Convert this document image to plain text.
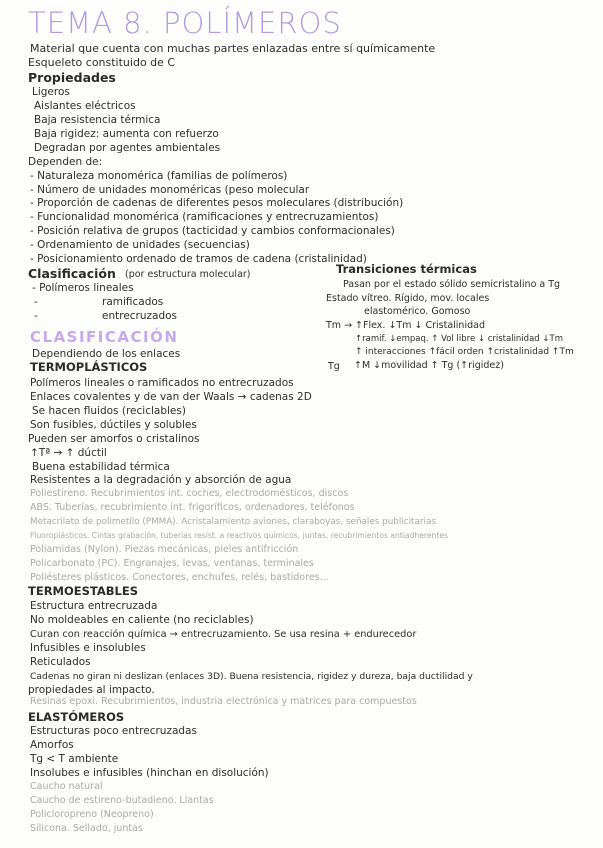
TEMA 8. POLÍMEROS
Material que cuenta con muchas partes enlazadas entre sí químicamente
Esqueleto constituido de C
Propiedades
Ligeros
Aislantes eléctricos
Baja resistencia térmica
Baja rigidez: aumenta con refuerzo
Degradan por agentes ambientales
Dependen de:
- Naturaleza monomérica (familias de polímeros)
- Número de unidades monoméricas (peso molecular
- Proporción de cadenas de diferentes pesos moleculares (distribución)
- Funcionalidad monomérica (ramificaciones y entrecruzamientos)
- Posición relativa de grupos (tacticidad y cambios conformacionales)
- Ordenamiento de unidades (secuencias)
- Posicionamiento ordenado de tramos de cadena (cristalinidad)
Clasificación (por estructura molecular)
- Polímeros lineales
-	ramificados
-	entrecruzados
Transiciones térmicas
Pasan por el estado sólido semicristalino a Tg
Estado vítreo. Rígido, mov. locales
elastomérico. Gomoso
Tm → ↑Flex. ↓Tm ↓ Cristalinidad
↑ramif. ↓empaq. ↑ Vol libre ↓ cristalinidad ↓Tm
↑ interacciones ↑fácil orden ↑cristalinidad ↑Tm
Tg ↑M ↓movilidad ↑ Tg (↑rigidez)
CLASIFICACIÓN
Dependiendo de los enlaces
TERMOPLÁSTICOS
Polímeros lineales o ramificados no entrecruzados
Enlaces covalentes y de van der Waals → cadenas 2D
Se hacen fluidos (reciclables)
Son fusibles, dúctiles y solubles
Pueden ser amorfos o cristalinos
↑Tª → ↑ dúctil
Buena estabilidad térmica
Resistentes a la degradación y absorción de agua
Poliestireno. Recubrimientos int. coches, electrodomésticos, discos
ABS. Tuberías, recubrimiento int. frigoríficos, ordenadores, teléfonos
Metacrilato de polimetilo (PMMA). Acristalamiento aviones, claraboyas, señales publicitarias
Fluoroplásticos. Cintas grabación, tuberías resist. a reactivos químicos, juntas, recubrimientos antiadherentes
Poliamidas (Nylon). Piezas mecánicas, pieles antifricción
Policarbonato (PC). Engranajes, levas, ventanas, terminales
Poliésteres plásticos. Conectores, enchufes, relés, bastidores...
TERMOESTABLES
Estructura entrecruzada
No moldeables en caliente (no reciclables)
Curan con reacción química → entrecruzamiento. Se usa resina + endurecedor
Infusibles e insolubles
Reticulados
Cadenas no giran ni deslizan (enlaces 3D). Buena resistencia, rigidez y dureza, baja ductilidad y
propiedades al impacto.
Resinas epoxi. Recubrimientos, industria electrónica y matrices para compuestos
ELASTÓMEROS
Estructuras poco entrecruzadas
Amorfos
Tg < T ambiente
Insolubes e infusibles (hinchan en disolución)
Caucho natural
Caucho de estireno-butadieno. Llantas
Policloropreno (Neopreno)
Silicona. Sellado, juntas
